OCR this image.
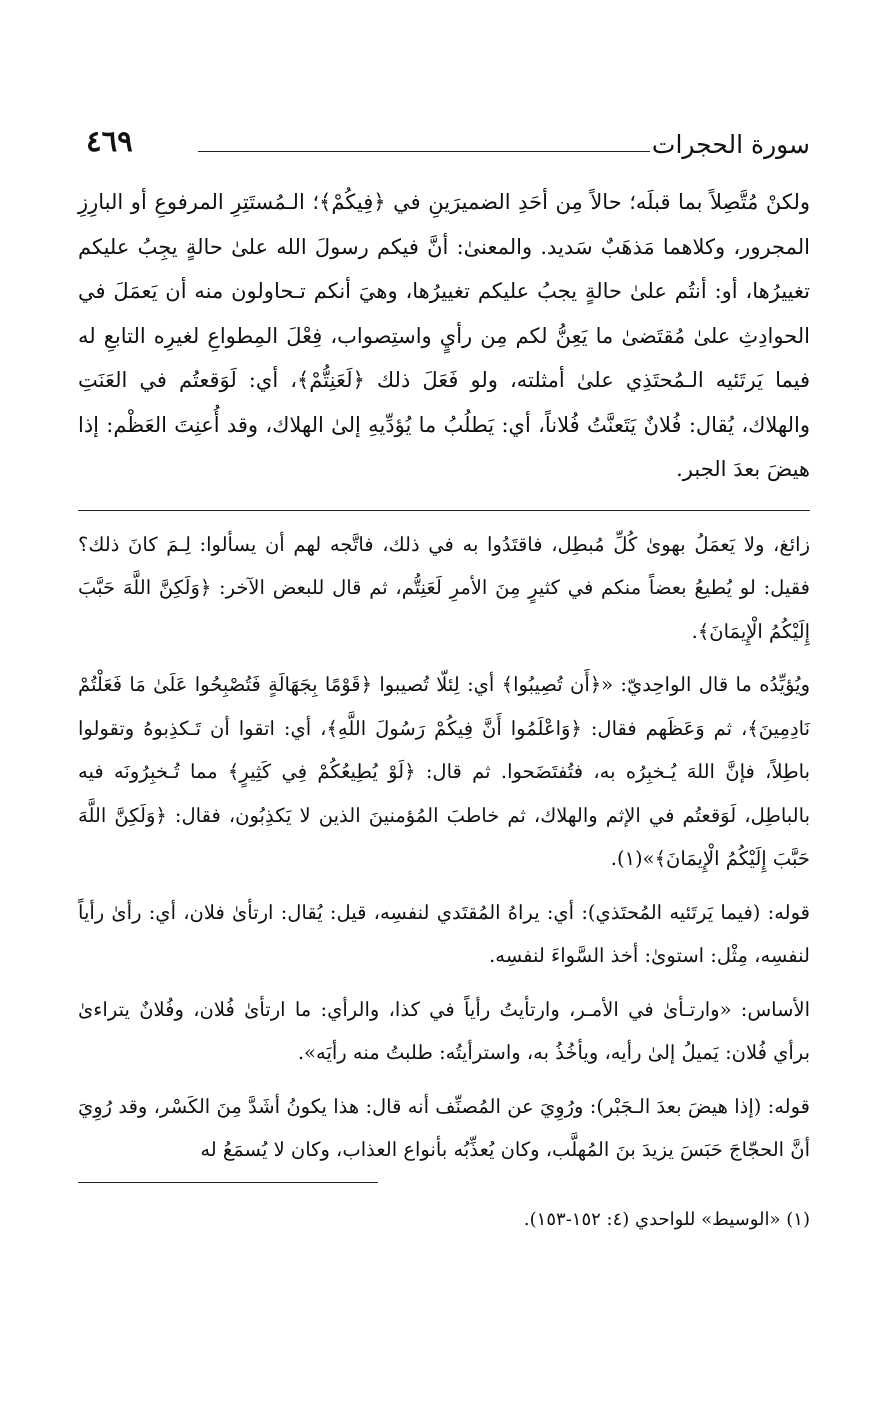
سورة الحجرات
٤٦٩

ولكنْ مُتَّصِلاً بما قبلَه؛ حالاً مِن أحَدِ الضميرَينِ في ﴿فِيكُمْ﴾؛ الـمُستَتِرِ المرفوعِ أو البارِزِ المجرور، وكلاهما مَذهَبٌ سَديد. والمعنىٰ: أنَّ فيكم رسولَ الله علىٰ حالةٍ يجِبُ عليكم تغييرُها، أو: أنتُم علىٰ حالةٍ يجبُ عليكم تغييرُها، وهيَ أنكم تـحاولون منه أن يَعمَلَ في الحوادِثِ علىٰ مُقتَضىٰ ما يَعِنُّ لكم مِن رأيٍ واستِصواب، فِعْلَ المِطواعِ لغيرِه التابعِ له فيما يَرتَئيه الـمُحتَذِي علىٰ أمثلته، ولو فَعَلَ ذلك ﴿لَعَنِتُّمْ﴾، أي: لَوَقعتُم في العَنَتِ والهلاك، يُقال: فُلانٌ يَتَعنَّتُ فُلاناً، أي: يَطلُبُ ما يُؤدِّيهِ إلىٰ الهلاك، وقد أُعنِتَ العَظْم: إذا هيضَ بعدَ الجبر.

زائغ، ولا يَعمَلُ بهوىٰ كُلِّ مُبطِل، فاقتَدُوا به في ذلك، فاتَّجه لهم أن يسألوا: لِـمَ كانَ ذلك؟ فقيل: لو يُطيعُ بعضاً منكم في كثيرٍ مِنَ الأمرِ لَعَنِتُّم، ثم قال للبعض الآخر: ﴿وَلَكِنَّ اللَّهَ حَبَّبَ إِلَيْكُمُ الْإِيمَانَ﴾.

ويُؤيِّدُه ما قال الواحِديّ: «﴿أَن تُصِيبُوا﴾ أي: لِئلّا تُصيبوا ﴿قَوْمًا بِجَهَالَةٍ فَتُصْبِحُوا عَلَىٰ مَا فَعَلْتُمْ نَادِمِينَ﴾، ثم وَعَظَهم فقال: ﴿وَاعْلَمُوا أَنَّ فِيكُمْ رَسُولَ اللَّهِ﴾، أي: اتقوا أن تَـكذِبوهُ وتقولوا باطِلاً، فإنَّ اللهَ يُـخبِرُه به، فتُفتَضَحوا. ثم قال: ﴿لَوْ يُطِيعُكُمْ فِي كَثِيرٍ﴾ مما تُـخبِرُونَه فيه بالباطِل، لَوَقعتُم في الإثم والهلاك، ثم خاطبَ المُؤمنينَ الذين لا يَكذِبُون، فقال: ﴿وَلَكِنَّ اللَّهَ حَبَّبَ إِلَيْكُمُ الْإِيمَانَ﴾»(١).

قوله: (فيما يَرتَئيه المُحتَذي): أي: يراهُ المُقتَدي لنفسِه، قيل: يُقال: ارتأىٰ فلان، أي: رأىٰ رأياً لنفسِه، مِثْل: استوىٰ: أخذ السَّواءَ لنفسِه.

الأساس: «وارتـأىٰ في الأمـر، وارتأيتُ رأياً في كذا، والرأي: ما ارتأىٰ فُلان، وفُلانٌ يتراءىٰ برأي فُلان: يَميلُ إلىٰ رأيه، ويأخُذُ به، واسترأيتُه: طلبتُ منه رأيَه».

قوله: (إذا هيضَ بعدَ الـجَبْر): ورُوِيَ عن المُصنِّف أنه قال: هذا يكونُ أشَدَّ مِنَ الكَسْر، وقد رُوِيَ أنَّ الحجّاجَ حَبَسَ يزيدَ بنَ المُهلَّب، وكان يُعذِّبُه بأنواع العذاب، وكان لا يُسمَعُ له

(١) «الوسيط» للواحدي (٤: ١٥٢-١٥٣).
